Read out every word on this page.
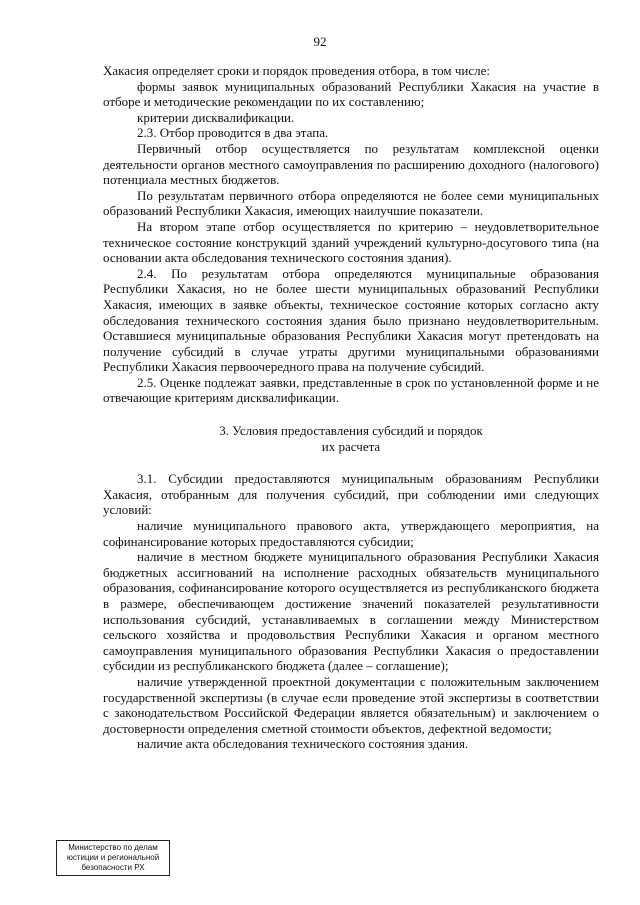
92

Хакасия определяет сроки и порядок проведения отбора, в том числе:

формы заявок муниципальных образований Республики Хакасия на участие в отборе и методические рекомендации по их составлению;

критерии дисквалификации.

2.3. Отбор проводится в два этапа.

Первичный отбор осуществляется по результатам комплексной оценки деятельности органов местного самоуправления по расширению доходного (налогового) потенциала местных бюджетов.

По результатам первичного отбора определяются не более семи муниципальных образований Республики Хакасия, имеющих наилучшие показатели.

На втором этапе отбор осуществляется по критерию – неудовлетворительное техническое состояние конструкций зданий учреждений культурно-досугового типа (на основании акта обследования технического состояния здания).

2.4. По результатам отбора определяются муниципальные образования Республики Хакасия, но не более шести муниципальных образований Республики Хакасия, имеющих в заявке объекты, техническое состояние которых согласно акту обследования технического состояния здания было признано неудовлетворительным. Оставшиеся муниципальные образования Республики Хакасия могут претендовать на получение субсидий в случае утраты другими муниципальными образованиями Республики Хакасия первоочередного права на получение субсидий.

2.5. Оценке подлежат заявки, представленные в срок по установленной форме и не отвечающие критериям дисквалификации.

3. Условия предоставления субсидий и порядок
их расчета

3.1. Субсидии предоставляются муниципальным образованиям Республики Хакасия, отобранным для получения субсидий, при соблюдении ими следующих условий:

наличие муниципального правового акта, утверждающего мероприятия, на софинансирование которых предоставляются субсидии;

наличие в местном бюджете муниципального образования Республики Хакасия бюджетных ассигнований на исполнение расходных обязательств муниципального образования, софинансирование которого осуществляется из республиканского бюджета в размере, обеспечивающем достижение значений показателей результативности использования субсидий, устанавливаемых в соглашении между Министерством сельского хозяйства и продовольствия Республики Хакасия и органом местного самоуправления муниципального образования Республики Хакасия о предоставлении субсидии из республиканского бюджета (далее – соглашение);

наличие утвержденной проектной документации с положительным заключением государственной экспертизы (в случае если проведение этой экспертизы в соответствии с законодательством Российской Федерации является обязательным) и заключением о достоверности определения сметной стоимости объектов, дефектной ведомости;

наличие акта обследования технического состояния здания.

Министерство по делам
юстиции и региональной
безопасности РХ
